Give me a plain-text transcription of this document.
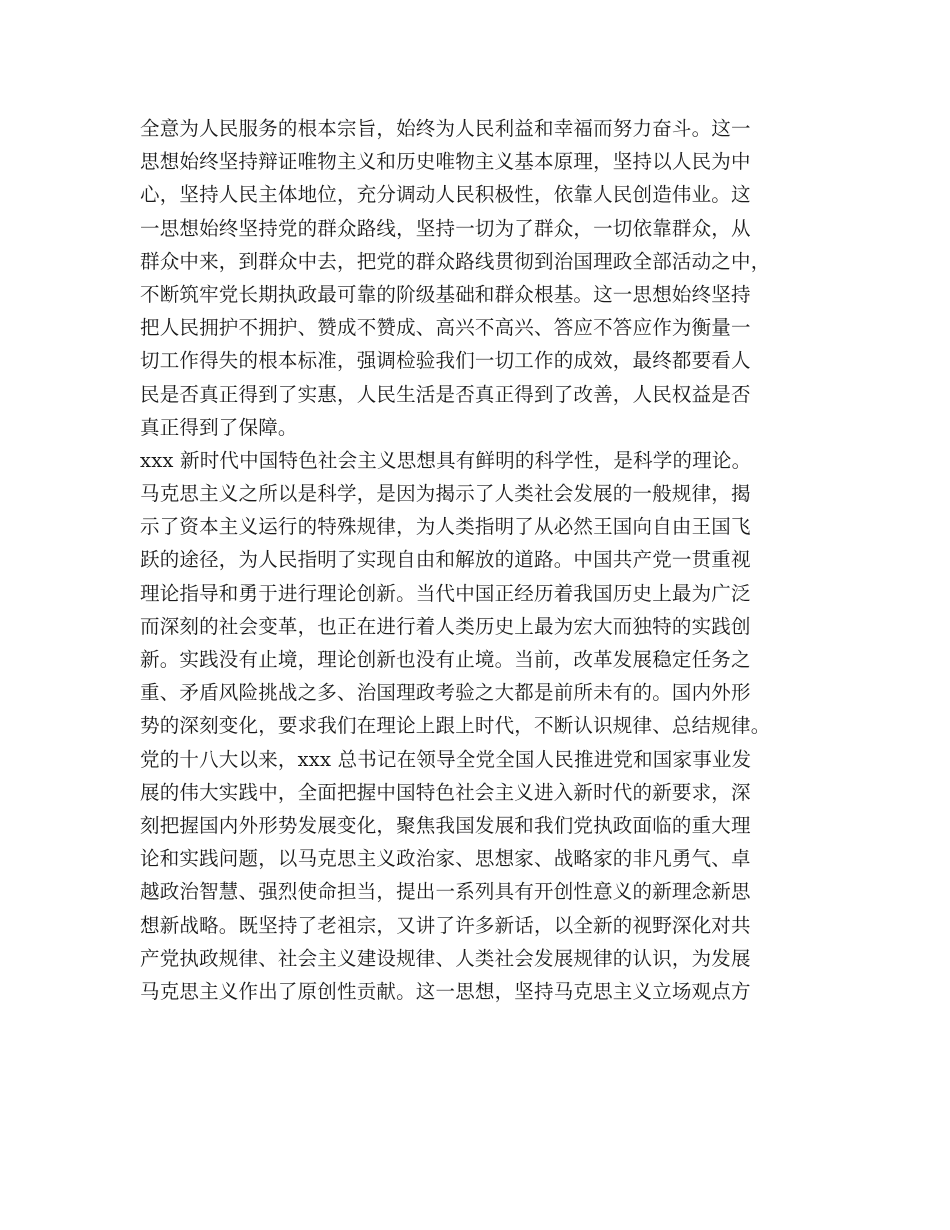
全意为人民服务的根本宗旨，始终为人民利益和幸福而努力奋斗。这一
思想始终坚持辩证唯物主义和历史唯物主义基本原理，坚持以人民为中
心，坚持人民主体地位，充分调动人民积极性，依靠人民创造伟业。这
一思想始终坚持党的群众路线，坚持一切为了群众，一切依靠群众，从
群众中来，到群众中去，把党的群众路线贯彻到治国理政全部活动之中，
不断筑牢党长期执政最可靠的阶级基础和群众根基。这一思想始终坚持
把人民拥护不拥护、赞成不赞成、高兴不高兴、答应不答应作为衡量一
切工作得失的根本标准，强调检验我们一切工作的成效，最终都要看人
民是否真正得到了实惠，人民生活是否真正得到了改善，人民权益是否
真正得到了保障。
xxx 新时代中国特色社会主义思想具有鲜明的科学性，是科学的理论。
马克思主义之所以是科学，是因为揭示了人类社会发展的一般规律，揭
示了资本主义运行的特殊规律，为人类指明了从必然王国向自由王国飞
跃的途径，为人民指明了实现自由和解放的道路。中国共产党一贯重视
理论指导和勇于进行理论创新。当代中国正经历着我国历史上最为广泛
而深刻的社会变革，也正在进行着人类历史上最为宏大而独特的实践创
新。实践没有止境，理论创新也没有止境。当前，改革发展稳定任务之
重、矛盾风险挑战之多、治国理政考验之大都是前所未有的。国内外形
势的深刻变化，要求我们在理论上跟上时代，不断认识规律、总结规律。
党的十八大以来，xxx 总书记在领导全党全国人民推进党和国家事业发
展的伟大实践中，全面把握中国特色社会主义进入新时代的新要求，深
刻把握国内外形势发展变化，聚焦我国发展和我们党执政面临的重大理
论和实践问题，以马克思主义政治家、思想家、战略家的非凡勇气、卓
越政治智慧、强烈使命担当，提出一系列具有开创性意义的新理念新思
想新战略。既坚持了老祖宗，又讲了许多新话，以全新的视野深化对共
产党执政规律、社会主义建设规律、人类社会发展规律的认识，为发展
马克思主义作出了原创性贡献。这一思想，坚持马克思主义立场观点方
